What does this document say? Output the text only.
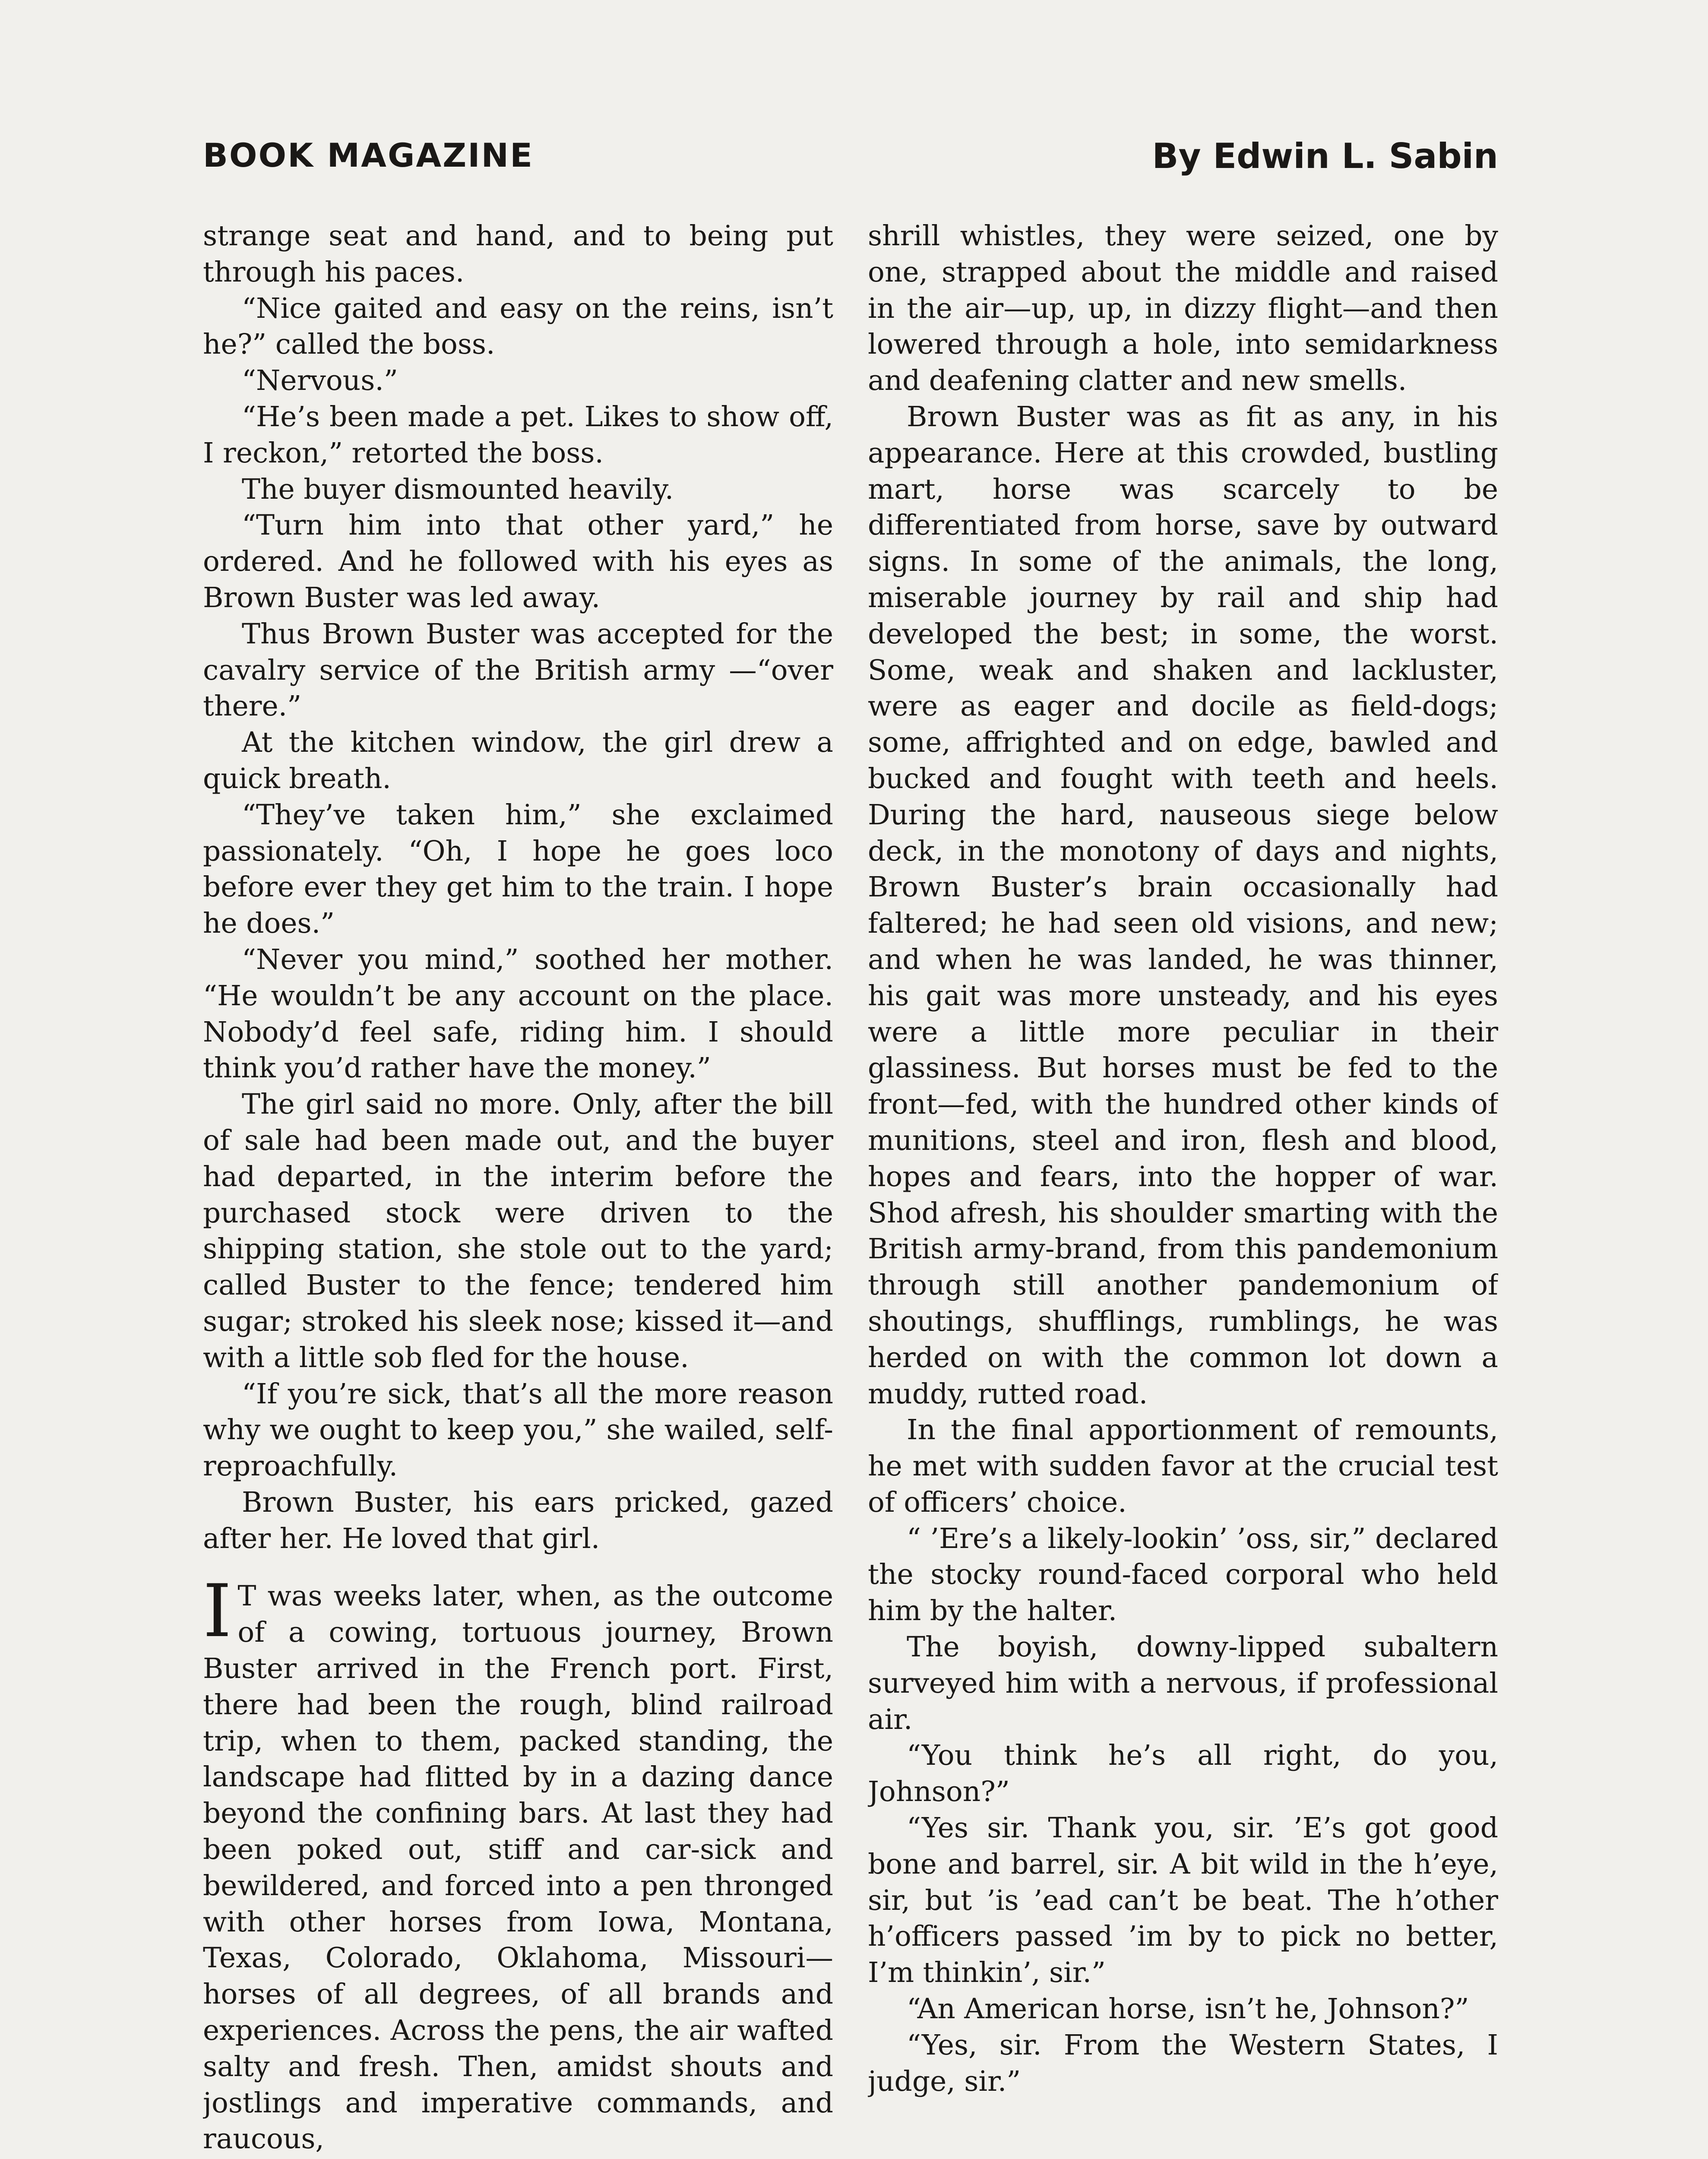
BOOK MAGAZINE	By Edwin L. Sabin

strange seat and hand, and to being put through his paces.

“Nice gaited and easy on the reins, isn’t he?” called the boss.

“Nervous.”

“He’s been made a pet. Likes to show off, I reckon,” retorted the boss.

The buyer dismounted heavily.

“Turn him into that other yard,” he ordered. And he followed with his eyes as Brown Buster was led away.

Thus Brown Buster was accepted for the cavalry service of the British army —“over there.”

At the kitchen window, the girl drew a quick breath.

“They’ve taken him,” she exclaimed passionately. “Oh, I hope he goes loco before ever they get him to the train. I hope he does.”

“Never you mind,” soothed her mother. “He wouldn’t be any account on the place. Nobody’d feel safe, riding him. I should think you’d rather have the money.”

The girl said no more. Only, after the bill of sale had been made out, and the buyer had departed, in the interim before the purchased stock were driven to the shipping station, she stole out to the yard; called Buster to the fence; tendered him sugar; stroked his sleek nose; kissed it—and with a little sob fled for the house.

“If you’re sick, that’s all the more reason why we ought to keep you,” she wailed, self-reproachfully.

Brown Buster, his ears pricked, gazed after her. He loved that girl.

I T was weeks later, when, as the outcome of a cowing, tortuous journey, Brown Buster arrived in the French port. First, there had been the rough, blind railroad trip, when to them, packed standing, the landscape had flitted by in a dazing dance beyond the confining bars. At last they had been poked out, stiff and car-sick and bewildered, and forced into a pen thronged with other horses from Iowa, Montana, Texas, Colorado, Oklahoma, Missouri—horses of all degrees, of all brands and experiences. Across the pens, the air wafted salty and fresh. Then, amidst shouts and jostlings and imperative commands, and raucous,

shrill whistles, they were seized, one by one, strapped about the middle and raised in the air—up, up, in dizzy flight—and then lowered through a hole, into semidarkness and deafening clatter and new smells.

Brown Buster was as fit as any, in his appearance. Here at this crowded, bustling mart, horse was scarcely to be differentiated from horse, save by outward signs. In some of the animals, the long, miserable journey by rail and ship had developed the best; in some, the worst. Some, weak and shaken and lackluster, were as eager and docile as field-dogs; some, affrighted and on edge, bawled and bucked and fought with teeth and heels. During the hard, nauseous siege below deck, in the monotony of days and nights, Brown Buster’s brain occasionally had faltered; he had seen old visions, and new; and when he was landed, he was thinner, his gait was more unsteady, and his eyes were a little more peculiar in their glassiness. But horses must be fed to the front—fed, with the hundred other kinds of munitions, steel and iron, flesh and blood, hopes and fears, into the hopper of war. Shod afresh, his shoulder smarting with the British army-brand, from this pandemonium through still another pandemonium of shoutings, shufflings, rumblings, he was herded on with the common lot down a muddy, rutted road.

In the final apportionment of remounts, he met with sudden favor at the crucial test of officers’ choice.

“ ’Ere’s a likely-lookin’ ’oss, sir,” declared the stocky round-faced corporal who held him by the halter.

The boyish, downy-lipped subaltern surveyed him with a nervous, if professional air.

“You think he’s all right, do you, Johnson?”

“Yes sir. Thank you, sir. ’E’s got good bone and barrel, sir. A bit wild in the h’eye, sir, but ’is ’ead can’t be beat. The h’other h’officers passed ’im by to pick no better, I’m thinkin’, sir.”

“An American horse, isn’t he, Johnson?”

“Yes, sir. From the Western States, I judge, sir.”
